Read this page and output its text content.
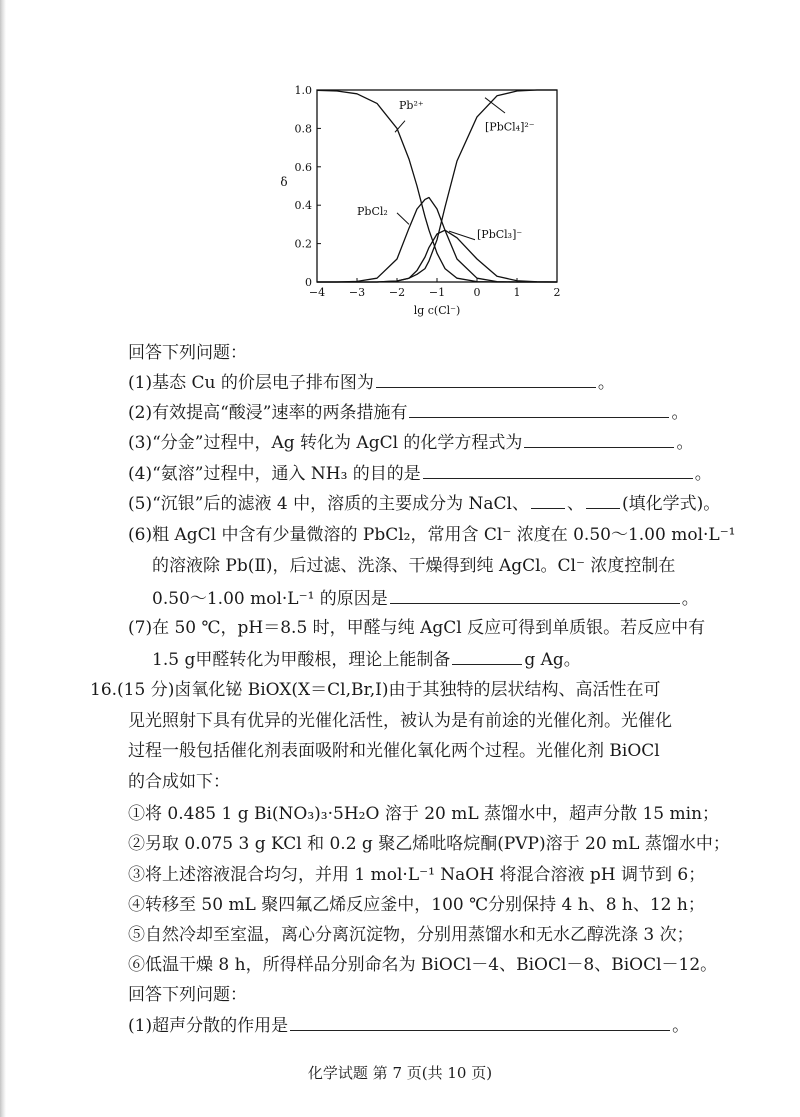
−4 −3 −2 −1	0	1	2
0
0.2
0.4
0.6
0.8
1.0
lg c(Cl⁻)
δ
Pb²⁺
PbCl₂
[PbCl₃]⁻
[PbCl₄]²⁻
回答下列问题：
(1)基态 Cu 的价层电子排布图为	。
(2)有效提高“酸浸”速率的两条措施有	。
(3)“分金”过程中，Ag 转化为 AgCl 的化学方程式为	。
(4)“氨溶”过程中，通入 NH₃ 的目的是	。
(5)“沉银”后的滤液 4 中，溶质的主要成分为 NaCl、 、 (填化学式)。
(6)粗 AgCl 中含有少量微溶的 PbCl₂，常用含 Cl⁻ 浓度在 0.50～1.00 mol·L⁻¹
的溶液除 Pb(Ⅱ)，后过滤、洗涤、干燥得到纯 AgCl。Cl⁻ 浓度控制在
0.50～1.00 mol·L⁻¹ 的原因是	。
(7)在 50 ℃，pH＝8.5 时，甲醛与纯 AgCl 反应可得到单质银。若反应中有
1.5 g甲醛转化为甲酸根，理论上能制备	g Ag。
16.(15 分)卤氧化铋 BiOX(X＝Cl,Br,I)由于其独特的层状结构、高活性在可
见光照射下具有优异的光催化活性，被认为是有前途的光催化剂。光催化
过程一般包括催化剂表面吸附和光催化氧化两个过程。光催化剂 BiOCl
的合成如下：
①将 0.485 1 g Bi(NO₃)₃·5H₂O 溶于 20 mL 蒸馏水中，超声分散 15 min；
②另取 0.075 3 g KCl 和 0.2 g 聚乙烯吡咯烷酮(PVP)溶于 20 mL 蒸馏水中；
③将上述溶液混合均匀，并用 1 mol·L⁻¹ NaOH 将混合溶液 pH 调节到 6；
④转移至 50 mL 聚四氟乙烯反应釜中，100 ℃分别保持 4 h、8 h、12 h；
⑤自然冷却至室温，离心分离沉淀物，分别用蒸馏水和无水乙醇洗涤 3 次；
⑥低温干燥 8 h，所得样品分别命名为 BiOCl－4、BiOCl－8、BiOCl－12。
回答下列问题：
(1)超声分散的作用是	。
化学试题 第 7 页(共 10 页)
